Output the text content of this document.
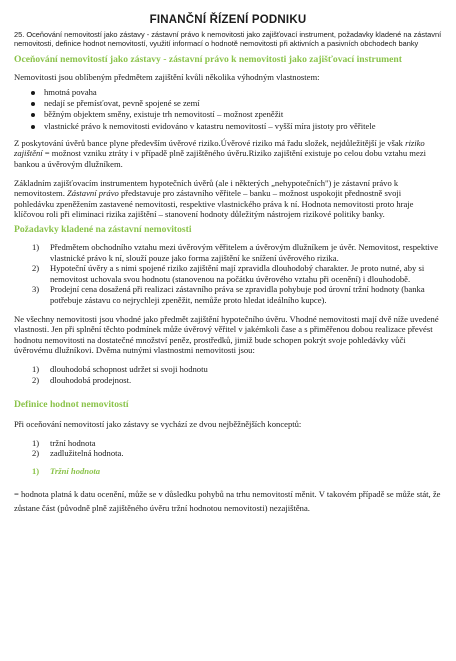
FINANČNÍ ŘÍZENÍ PODNIKU

25. Oceňování nemovitostí jako zástavy - zástavní právo k nemovitosti jako zajišťovací instrument, požadavky kladené na zástavní nemovitosti, definice hodnot nemovitostí, využití informací o hodnotě nemovitosti při aktivních a pasivních obchodech banky

Oceňování nemovitostí jako zástavy - zástavní právo k nemovitosti jako zajišťovací instrument

Nemovitosti jsou oblíbeným předmětem zajištění kvůli několika výhodným vlastnostem:

hmotná povaha
nedají se přemísťovat, pevně spojené se zemí
běžným objektem směny, existuje trh nemovitostí – možnost zpeněžit
vlastnické právo k nemovitosti evidováno v katastru nemovitostí – vyšší míra jistoty pro věřitele

Z poskytování úvěrů bance plyne především úvěrové riziko.Úvěrové riziko má řadu složek, nejdůležitější je však riziko zajištění = možnost vzniku ztráty i v případě plně zajištěného úvěru.Riziko zajištění existuje po celou dobu vztahu mezi bankou a úvěrovým dlužníkem.

Základním zajišťovacím instrumentem hypotečních úvěrů (ale i některých „nehypotečních") je zástavní právo k nemovitostem. Zástavní právo představuje pro zástavního věřitele – banku – možnost uspokojit přednostně svoji pohledávku zpeněžením zastavené nemovitosti, respektive vlastnického práva k ní. Hodnota nemovitosti proto hraje klíčovou roli při eliminaci rizika zajištění – stanovení hodnoty důležitým nástrojem rizikové politiky banky.

Požadavky kladené na zástavní nemovitosti
1)	Předmětem obchodního vztahu mezi úvěrovým věřitelem a úvěrovým dlužníkem je úvěr. Nemovitost, respektive vlastnické právo k ní, slouží pouze jako forma zajištění ke snížení úvěrového rizika.
2)	Hypoteční úvěry a s nimi spojené riziko zajištění mají zpravidla dlouhodobý charakter. Je proto nutné, aby si nemovitost uchovala svou hodnotu (stanovenou na počátku úvěrového vztahu při ocenění) i dlouhodobě.
3)	Prodejní cena dosažená při realizaci zástavního práva se zpravidla pohybuje pod úrovní tržní hodnoty (banka potřebuje zástavu co nejrychleji zpeněžit, nemůže proto hledat ideálního kupce).

Ne všechny nemovitosti jsou vhodné jako předmět zajištění hypotečního úvěru. Vhodné nemovitosti mají dvě níže uvedené vlastnosti. Jen při splnění těchto podmínek může úvěrový věřitel v jakémkoli čase a s přiměřenou dobou realizace převést hodnotu nemovitosti na dostatečné množství peněz, prostředků, jimiž bude schopen pokrýt svoje pohledávky vůči úvěrovému dlužníkovi. Dvěma nutnými vlastnostmi nemovitosti jsou:

1)	dlouhodobá schopnost udržet si svoji hodnotu
2)	dlouhodobá prodejnost.
Definice hodnot nemovitostí

Při oceňování nemovitostí jako zástavy se vychází ze dvou nejběžnějších konceptů:

1)	tržní hodnota
2)	zadlužitelná hodnota.
1)	Tržní hodnota

= hodnota platná k datu ocenění, může se v důsledku pohybů na trhu nemovitostí měnit. V takovém případě se může stát, že zůstane část (původně plně zajištěného úvěru tržní hodnotou nemovitosti) nezajištěna.
